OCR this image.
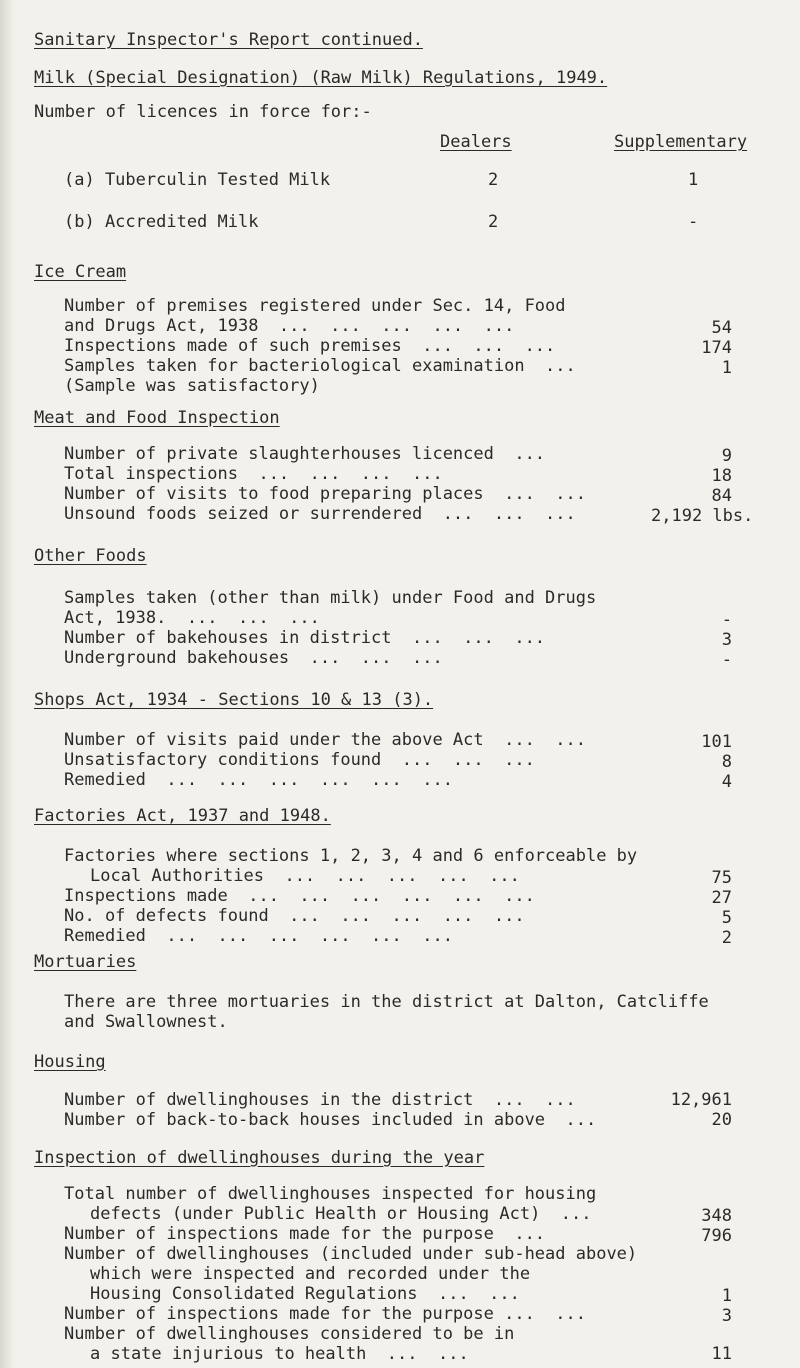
Sanitary Inspector's Report continued.
Milk (Special Designation) (Raw Milk) Regulations, 1949.
Number of licences in force for:-
Dealers	Supplementary
(a) Tuberculin Tested Milk	2	1
(b) Accredited Milk	2	-
Ice Cream
Number of premises registered under Sec. 14, Food
and Drugs Act, 1938  ...  ...  ...  ...  ...	54
Inspections made of such premises  ...  ...  ...	174
Samples taken for bacteriological examination  ...	1
(Sample was satisfactory)
Meat and Food Inspection
Number of private slaughterhouses licenced  ...	9
Total inspections  ...  ...  ...  ...	18
Number of visits to food preparing places  ...  ...	84
Unsound foods seized or surrendered  ...  ...  ...	2,192 lbs.
Other Foods
Samples taken (other than milk) under Food and Drugs
Act, 1938.  ...  ...  ...	-
Number of bakehouses in district  ...  ...  ...	3
Underground bakehouses  ...  ...  ...	-
Shops Act, 1934 - Sections 10 & 13 (3).
Number of visits paid under the above Act  ...  ...	101
Unsatisfactory conditions found  ...  ...  ...	8
Remedied  ...  ...  ...  ...  ...  ...	4
Factories Act, 1937 and 1948.
Factories where sections 1, 2, 3, 4 and 6 enforceable by
Local Authorities  ...  ...  ...  ...  ...	75
Inspections made  ...  ...  ...  ...  ...  ...	27
No. of defects found  ...  ...  ...  ...  ...	5
Remedied  ...  ...  ...  ...  ...  ...	2
Mortuaries
There are three mortuaries in the district at Dalton, Catcliffe
and Swallownest.
Housing
Number of dwellinghouses in the district  ...  ...	12,961
Number of back-to-back houses included in above  ...	20
Inspection of dwellinghouses during the year
Total number of dwellinghouses inspected for housing
defects (under Public Health or Housing Act)  ...	348
Number of inspections made for the purpose  ...	796
Number of dwellinghouses (included under sub-head above)
which were inspected and recorded under the
Housing Consolidated Regulations  ...  ...	1
Number of inspections made for the purpose ...  ...	3
Number of dwellinghouses considered to be in
a state injurious to health  ...  ...	11
